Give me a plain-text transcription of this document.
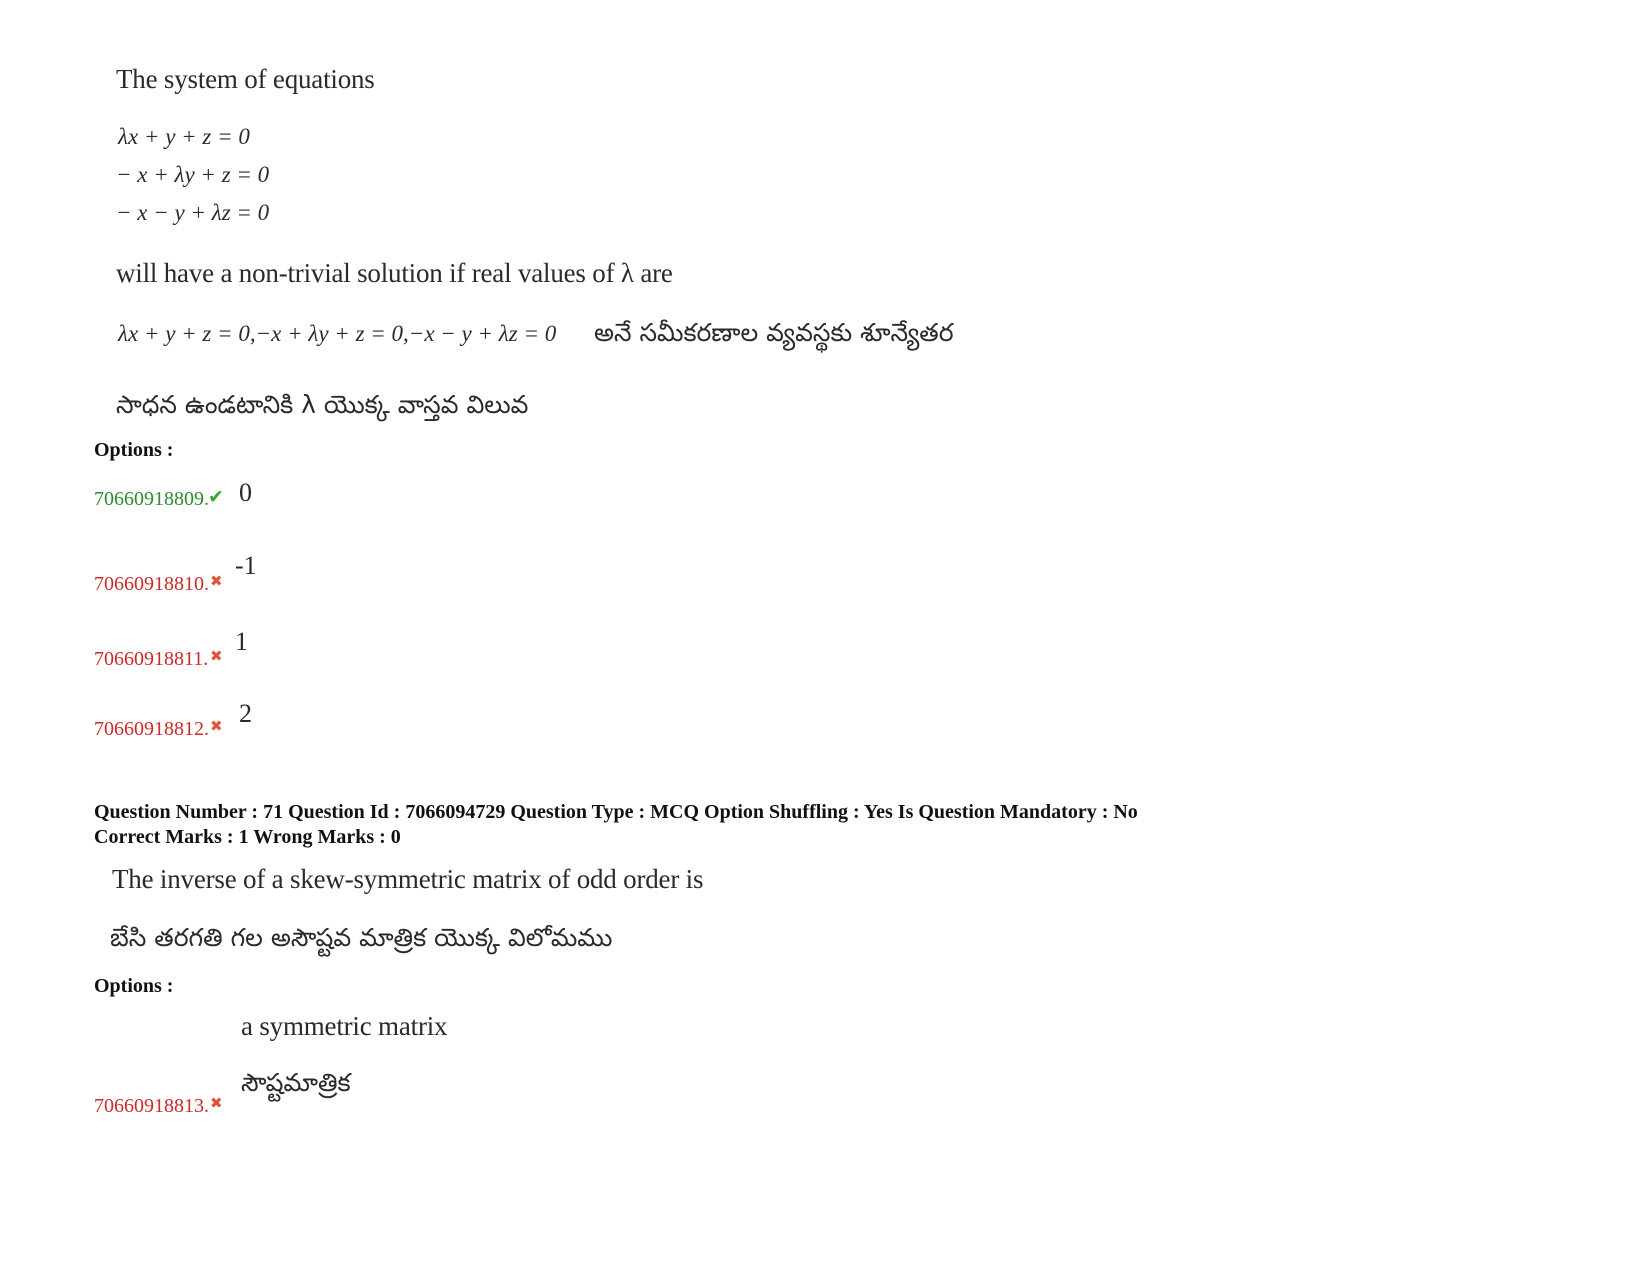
The system of equations
λx + y + z = 0
− x + λy + z = 0
− x − y + λz = 0
will have a non-trivial solution if real values of λ are
λx + y + z = 0,−x + λy + z = 0,−x − y + λz = 0 అనే సమీకరణాల వ్యవస్థకు శూన్యేతర
సాధన ఉండటానికి λ యొక్క వాస్తవ విలువ
Options :
70660918809. ✔ 0
70660918810. ✖
-1
70660918811. ✖ 1
70660918812. ✖ 2
Question Number : 71 Question Id : 7066094729 Question Type : MCQ Option Shuffling : Yes Is Question Mandatory : No
Correct Marks : 1 Wrong Marks : 0
The inverse of a skew-symmetric matrix of odd order is
బేసి తరగతి గల అసౌష్టవ మాత్రిక యొక్క విలోమము
Options :
a symmetric matrix
సౌష్టమాత్రిక
70660918813. ✖
